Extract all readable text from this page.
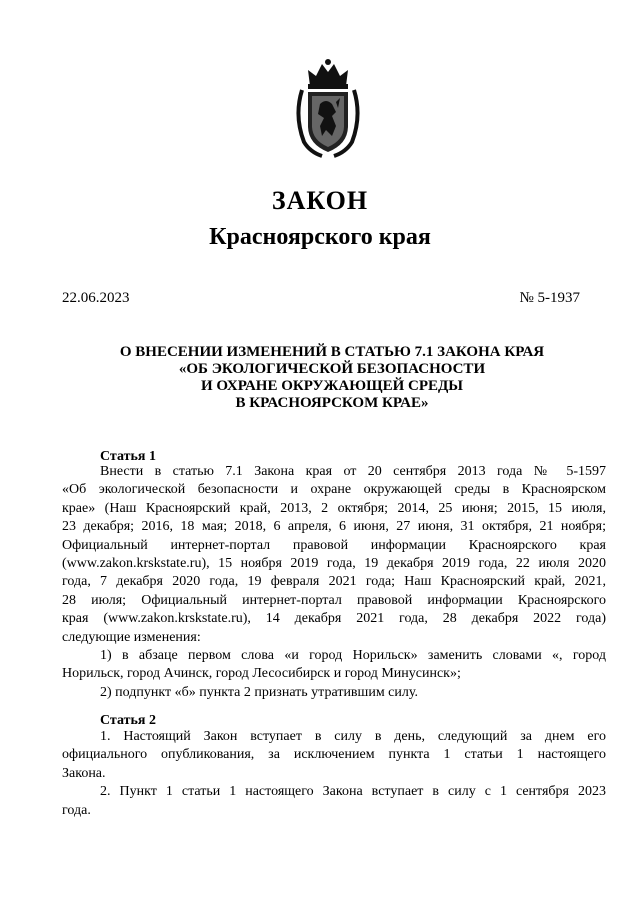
ЗАКОН
Красноярского края
22.06.2023	№ 5-1937
О ВНЕСЕНИИ ИЗМЕНЕНИЙ В СТАТЬЮ 7.1 ЗАКОНА КРАЯ
«ОБ ЭКОЛОГИЧЕСКОЙ БЕЗОПАСНОСТИ
И ОХРАНЕ ОКРУЖАЮЩЕЙ СРЕДЫ
В КРАСНОЯРСКОМ КРАЕ»
Статья 1
Внести в статью 7.1 Закона края от 20 сентября 2013 года № 5-1597
«Об экологической безопасности и охране окружающей среды в Красноярском
крае» (Наш Красноярский край, 2013, 2 октября; 2014, 25 июня; 2015, 15 июля,
23 декабря; 2016, 18 мая; 2018, 6 апреля, 6 июня, 27 июня, 31 октября, 21 ноября;
Официальный интернет-портал правовой информации Красноярского края
(www.zakon.krskstate.ru), 15 ноября 2019 года, 19 декабря 2019 года, 22 июля 2020
года, 7 декабря 2020 года, 19 февраля 2021 года; Наш Красноярский край, 2021,
28 июля; Официальный интернет-портал правовой информации Красноярского
края (www.zakon.krskstate.ru), 14 декабря 2021 года, 28 декабря 2022 года)
следующие изменения:
1) в абзаце первом слова «и город Норильск» заменить словами «, город
Норильск, город Ачинск, город Лесосибирск и город Минусинск»;
2) подпункт «б» пункта 2 признать утратившим силу.
Статья 2
1. Настоящий Закон вступает в силу в день, следующий за днем его
официального опубликования, за исключением пункта 1 статьи 1 настоящего
Закона.
2. Пункт 1 статьи 1 настоящего Закона вступает в силу с 1 сентября 2023
года.
